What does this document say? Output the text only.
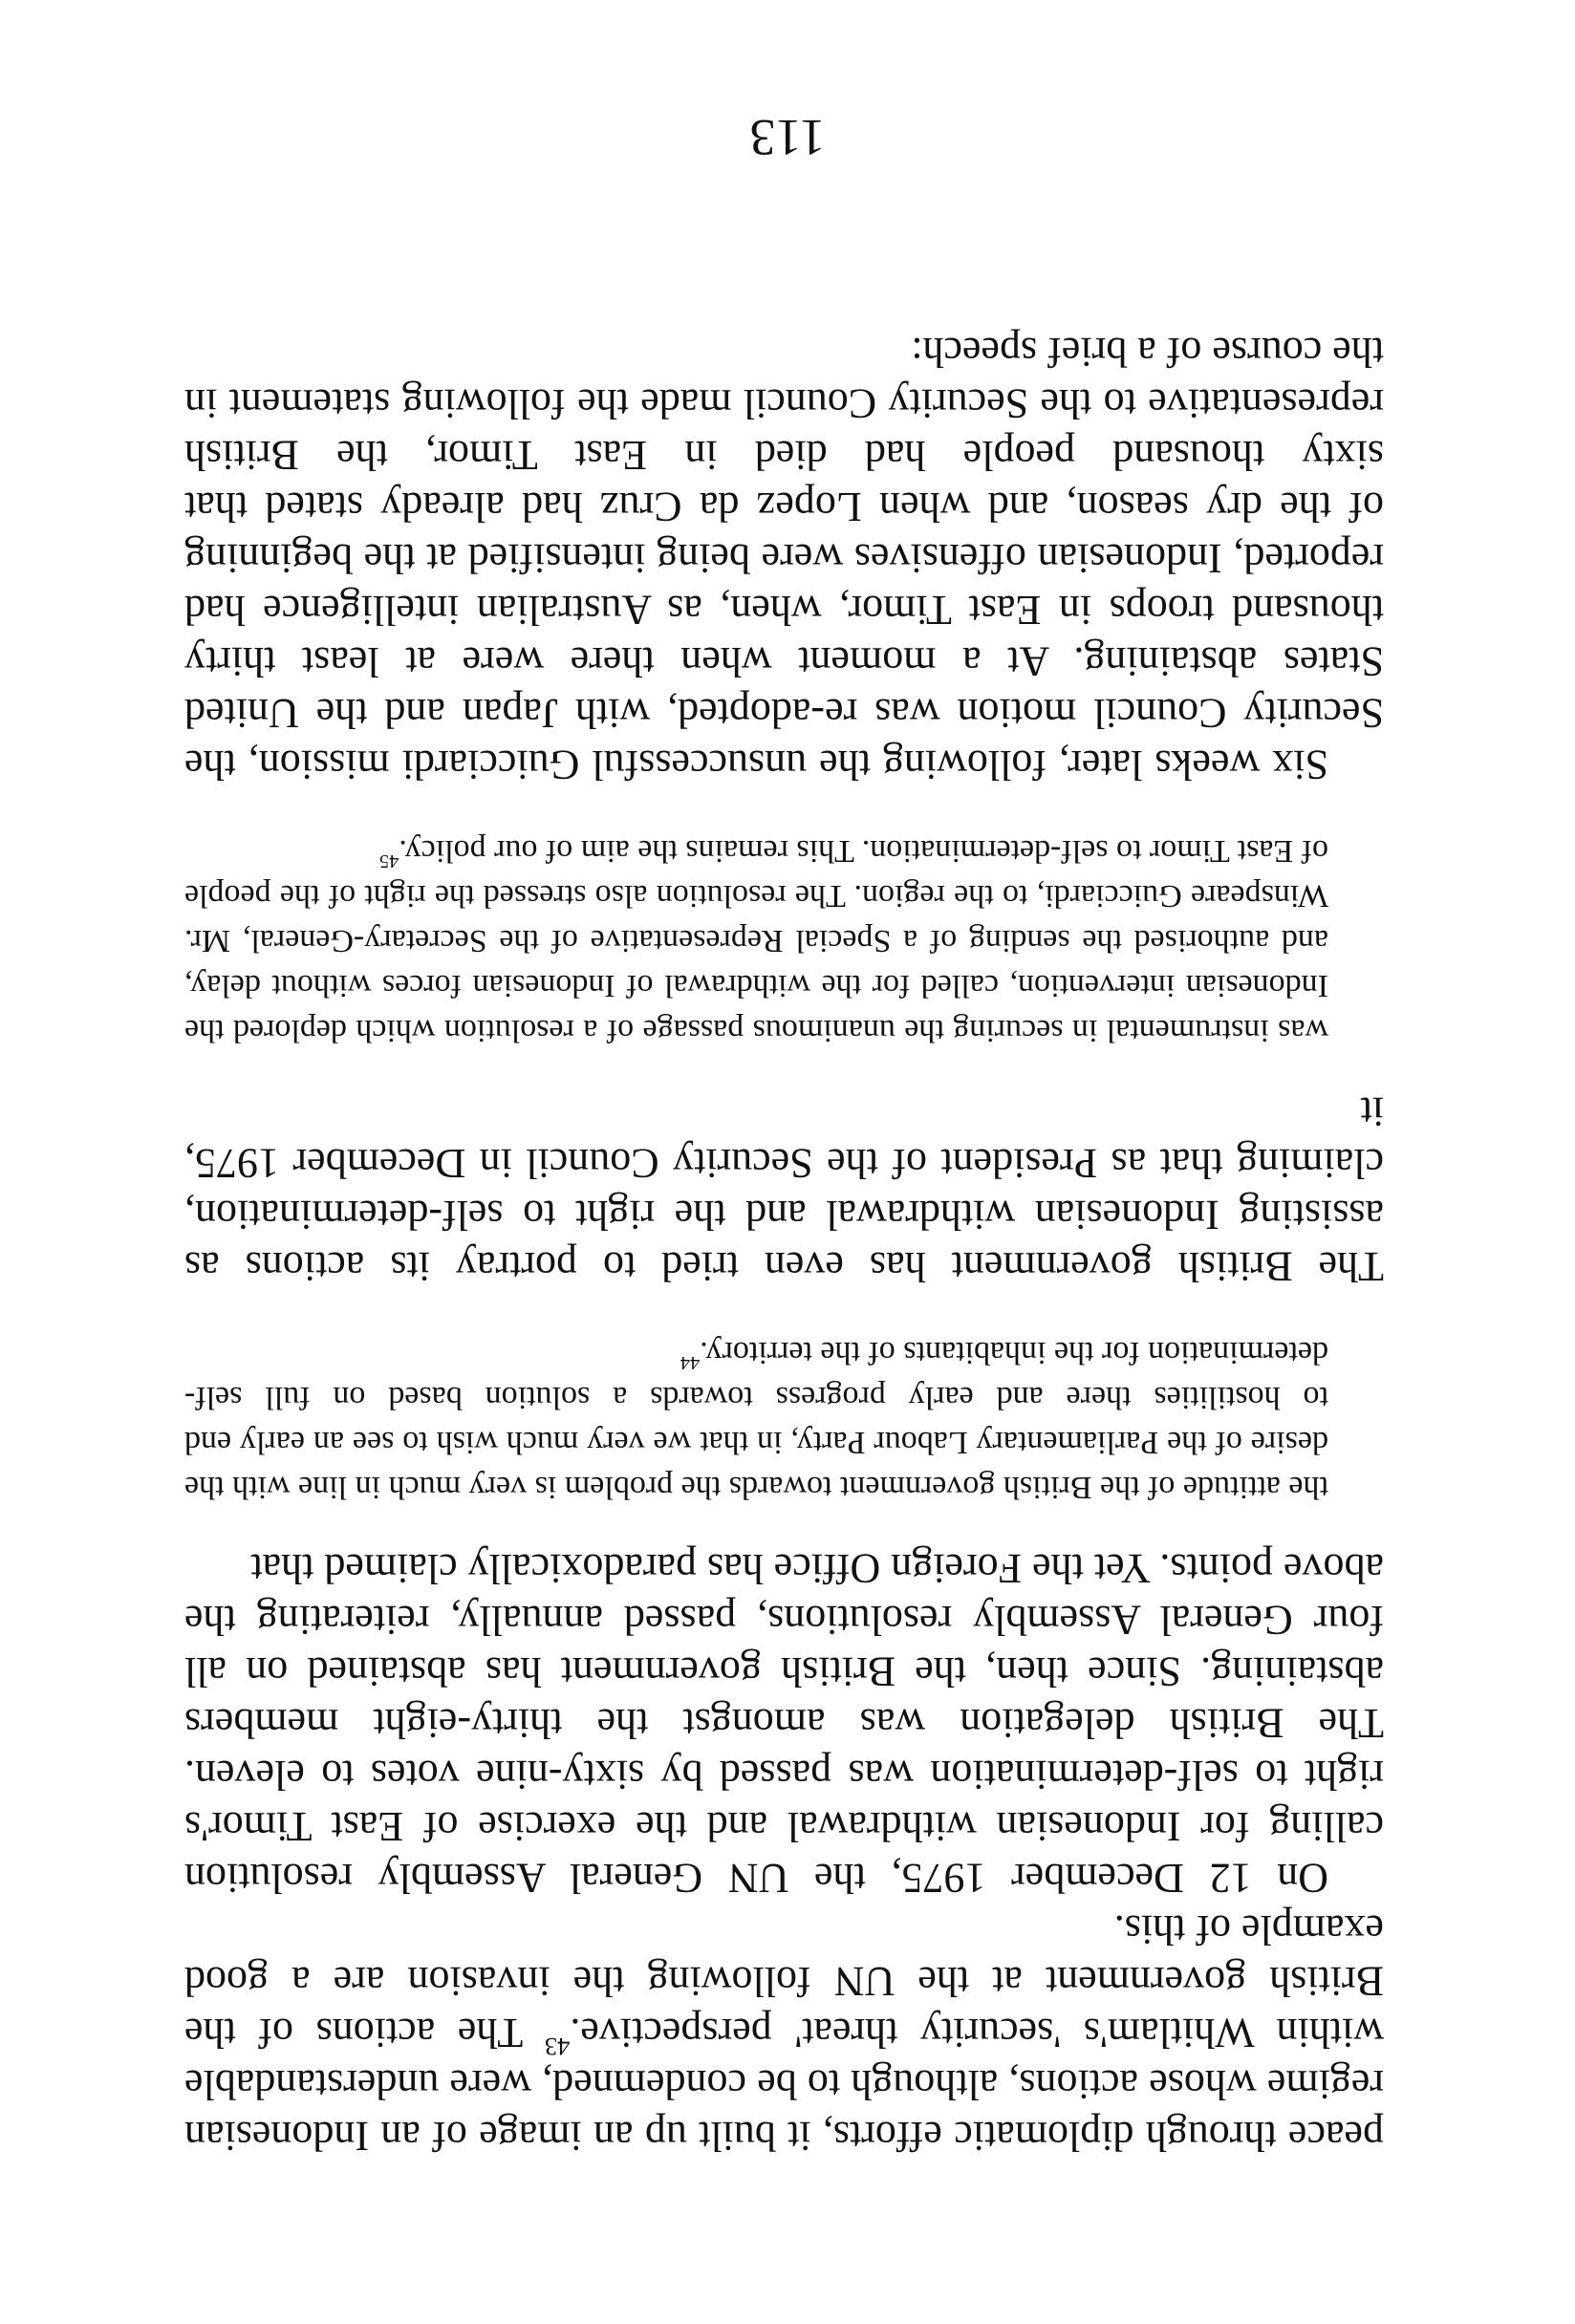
peace through diplomatic efforts, it built up an image of an Indonesian regime whose actions, although to be condemned, were understandable within Whitlam's 'security threat' perspective.$^{43}$ The actions of the British government at the UN following the invasion are a good example of this.

On 12 December 1975, the UN General Assembly resolution calling for Indonesian withdrawal and the exercise of East Timor's right to self-determination was passed by sixty-nine votes to eleven. The British delegation was amongst the thirty-eight members abstaining. Since then, the British government has abstained on all four General Assembly resolutions, passed annually, reiterating the above points. Yet the Foreign Office has paradoxically claimed that

the attitude of the British government towards the problem is very much in line with the desire of the Parliamentary Labour Party, in that we very much wish to see an early end to hostilities there and early progress towards a solution based on full self-determination for the inhabitants of the territory.$^{44}$

The British government has even tried to portray its actions as assisting Indonesian withdrawal and the right to self-determination, claiming that as President of the Security Council in December 1975, it

was instrumental in securing the unanimous passage of a resolution which deplored the Indonesian intervention, called for the withdrawal of Indonesian forces without delay, and authorised the sending of a Special Representative of the Secretary-General, Mr. Winspeare Guicciardi, to the region. The resolution also stressed the right of the people of East Timor to self-determination. This remains the aim of our policy.$^{45}$

Six weeks later, following the unsuccessful Guicciardi mission, the Security Council motion was re-adopted, with Japan and the United States abstaining. At a moment when there were at least thirty thousand troops in East Timor, when, as Australian intelligence had reported, Indonesian offensives were being intensified at the beginning of the dry season, and when Lopez da Cruz had already stated that sixty thousand people had died in East Timor, the British representative to the Security Council made the following statement in the course of a brief speech:

113
